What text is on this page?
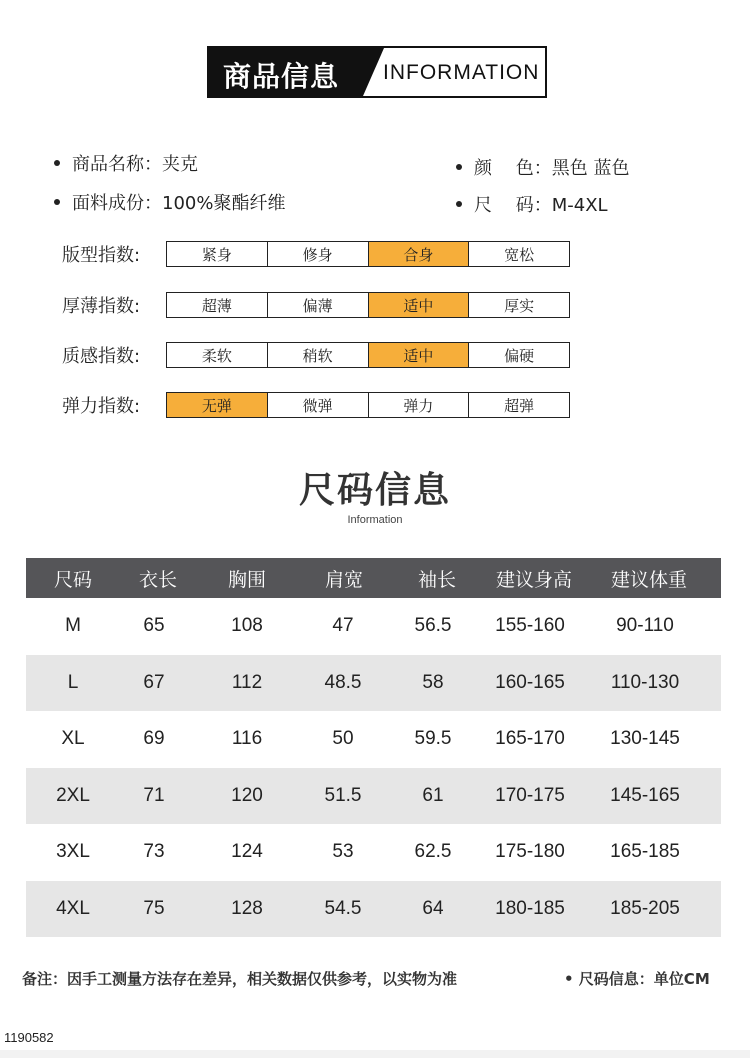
商品信息 INFORMATION
商品名称：夹克
面料成份：100%聚酯纤维
颜　 色：黑色 蓝色
尺　 码：M-4XL
版型指数:	紧身	修身	合身	宽松
厚薄指数:	超薄	偏薄	适中	厚实
质感指数:	柔软	稍软	适中	偏硬
弹力指数:	无弹	微弹	弹力	超弹
尺码信息
Information
尺码 衣长	胸围	肩宽	袖长 建议身高 建议体重
M	65	108	47	56.5 155-160	90-110
L	67	112	48.5	58	160-165 110-130
XL	69	116	50	59.5 165-170 130-145
2XL	71	120	51.5	61	170-175 145-165
3XL	73	124	53	62.5 175-180 165-185
4XL	75	128	54.5	64	180-185 185-205
备注：因手工测量方法存在差异，相关数据仅供参考，以实物为准	• 尺码信息：单位CM
1190582
